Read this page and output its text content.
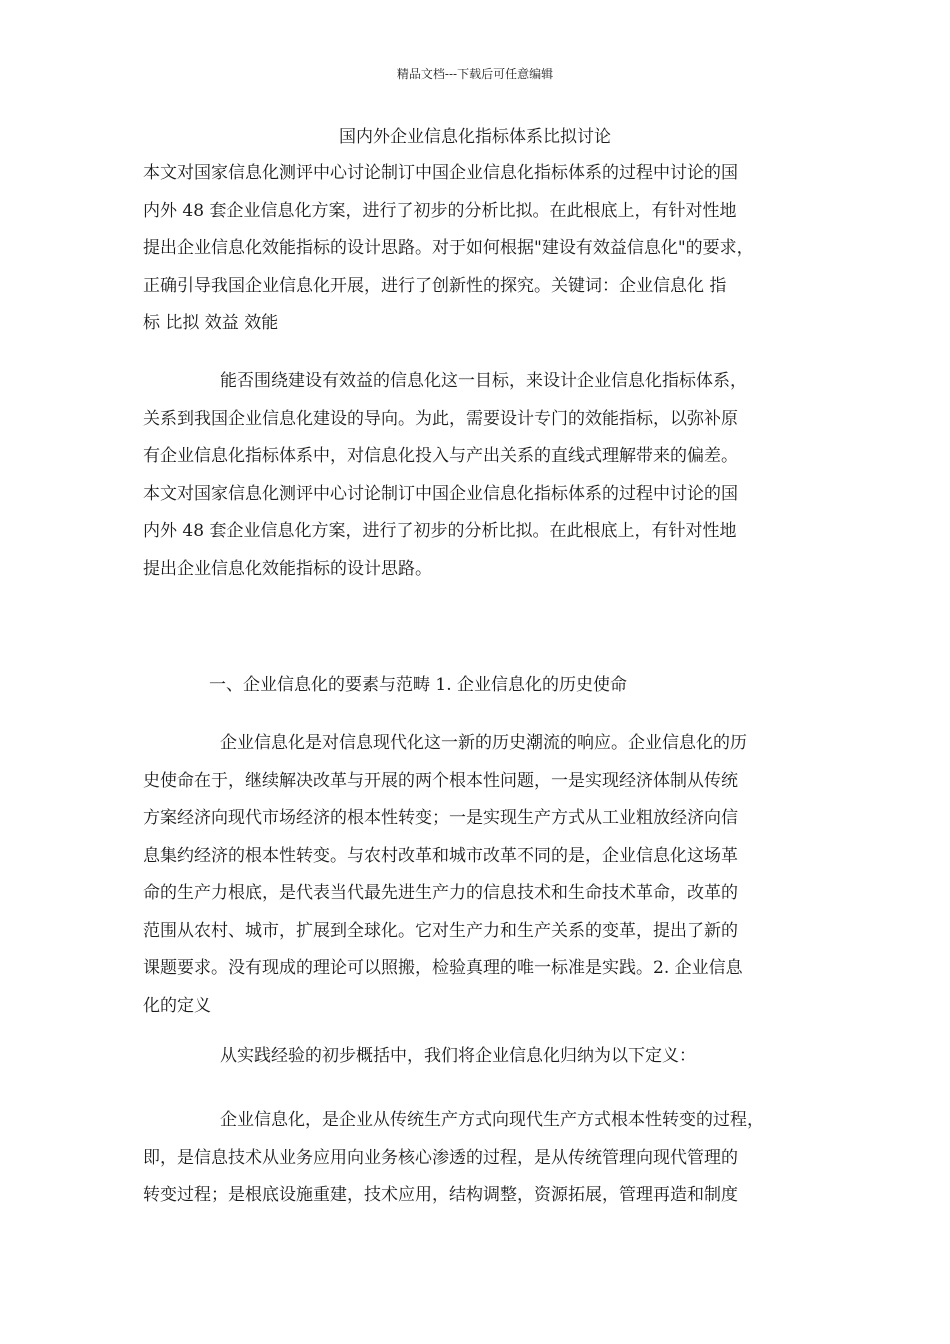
精品文档---下载后可任意编辑
国内外企业信息化指标体系比拟讨论
本文对国家信息化测评中心讨论制订中国企业信息化指标体系的过程中讨论的国
内外 48 套企业信息化方案，进行了初步的分析比拟。在此根底上，有针对性地
提出企业信息化效能指标的设计思路。对于如何根据"建设有效益信息化"的要求，
正确引导我国企业信息化开展，进行了创新性的探究。关键词：企业信息化 指
标 比拟 效益 效能
能否围绕建设有效益的信息化这一目标，来设计企业信息化指标体系，
关系到我国企业信息化建设的导向。为此，需要设计专门的效能指标，以弥补原
有企业信息化指标体系中，对信息化投入与产出关系的直线式理解带来的偏差。
本文对国家信息化测评中心讨论制订中国企业信息化指标体系的过程中讨论的国
内外 48 套企业信息化方案，进行了初步的分析比拟。在此根底上，有针对性地
提出企业信息化效能指标的设计思路。
一、企业信息化的要素与范畴 1. 企业信息化的历史使命
企业信息化是对信息现代化这一新的历史潮流的响应。企业信息化的历
史使命在于，继续解决改革与开展的两个根本性问题，一是实现经济体制从传统
方案经济向现代市场经济的根本性转变；一是实现生产方式从工业粗放经济向信
息集约经济的根本性转变。与农村改革和城市改革不同的是，企业信息化这场革
命的生产力根底，是代表当代最先进生产力的信息技术和生命技术革命，改革的
范围从农村、城市，扩展到全球化。它对生产力和生产关系的变革，提出了新的
课题要求。没有现成的理论可以照搬，检验真理的唯一标准是实践。2. 企业信息
化的定义
从实践经验的初步概括中，我们将企业信息化归纳为以下定义：
企业信息化，是企业从传统生产方式向现代生产方式根本性转变的过程，
即，是信息技术从业务应用向业务核心渗透的过程，是从传统管理向现代管理的
转变过程；是根底设施重建，技术应用，结构调整，资源拓展，管理再造和制度
